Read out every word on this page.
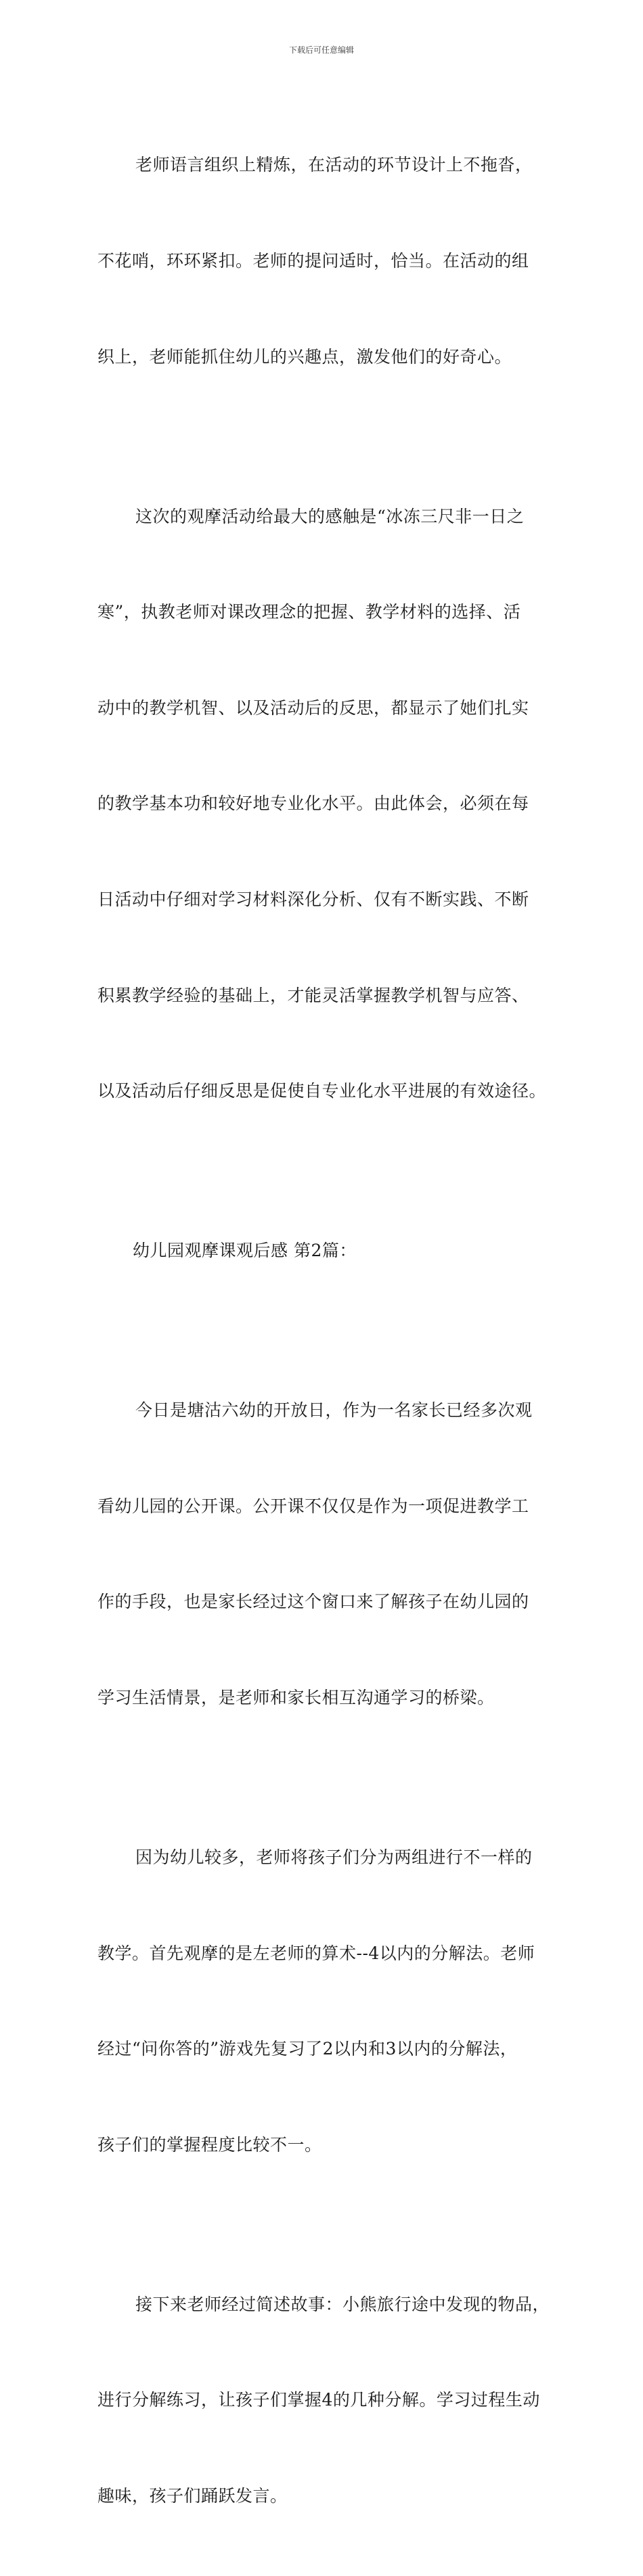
下载后可任意编辑

老师语言组织上精炼，在活动的环节设计上不拖沓，

不花哨，环环紧扣。老师的提问适时，恰当。在活动的组

织上，老师能抓住幼儿的兴趣点，激发他们的好奇心。

这次的观摩活动给最大的感触是“冰冻三尺非一日之

寒”，执教老师对课改理念的把握、教学材料的选择、活

动中的教学机智、以及活动后的反思，都显示了她们扎实

的教学基本功和较好地专业化水平。由此体会，必须在每

日活动中仔细对学习材料深化分析、仅有不断实践、不断

积累教学经验的基础上，才能灵活掌握教学机智与应答、

以及活动后仔细反思是促使自专业化水平进展的有效途径。

幼儿园观摩课观后感 第2篇：

今日是塘沽六幼的开放日，作为一名家长已经多次观

看幼儿园的公开课。公开课不仅仅是作为一项促进教学工

作的手段，也是家长经过这个窗口来了解孩子在幼儿园的

学习生活情景，是老师和家长相互沟通学习的桥梁。

因为幼儿较多，老师将孩子们分为两组进行不一样的

教学。首先观摩的是左老师的算术--4以内的分解法。老师

经过“问你答的”游戏先复习了2以内和3以内的分解法，

孩子们的掌握程度比较不一。

接下来老师经过简述故事：小熊旅行途中发现的物品，

进行分解练习，让孩子们掌握4的几种分解。学习过程生动

趣味，孩子们踊跃发言。
